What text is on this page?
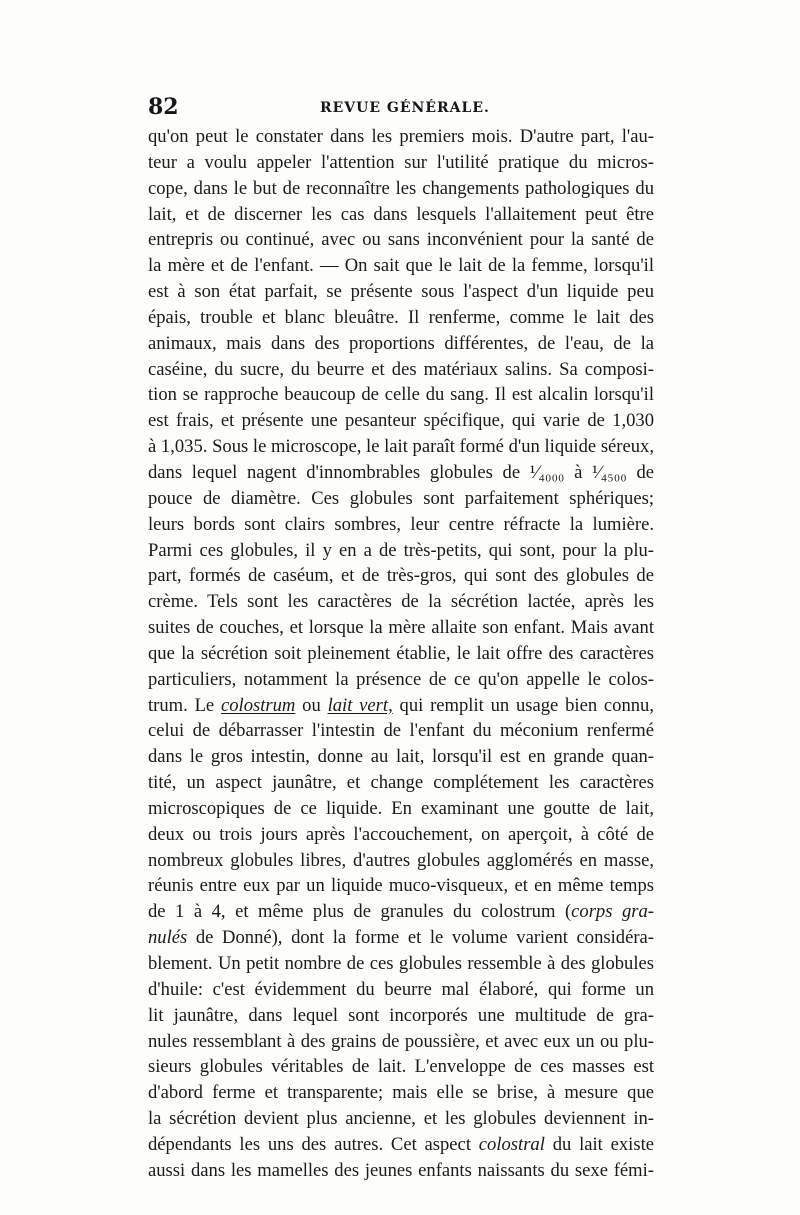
82	REVUE GÉNÉRALE.
qu'on peut le constater dans les premiers mois. D'autre part, l'au-
teur a voulu appeler l'attention sur l'utilité pratique du micros-
cope, dans le but de reconnaître les changements pathologiques du
lait, et de discerner les cas dans lesquels l'allaitement peut être
entrepris ou continué, avec ou sans inconvénient pour la santé de
la mère et de l'enfant. — On sait que le lait de la femme, lorsqu'il
est à son état parfait, se présente sous l'aspect d'un liquide peu
épais, trouble et blanc bleuâtre. Il renferme, comme le lait des
animaux, mais dans des proportions différentes, de l'eau, de la
caséine, du sucre, du beurre et des matériaux salins. Sa composi-
tion se rapproche beaucoup de celle du sang. Il est alcalin lorsqu'il
est frais, et présente une pesanteur spécifique, qui varie de 1,030
à 1,035. Sous le microscope, le lait paraît formé d'un liquide séreux,
dans lequel nagent d'innombrables globules de ¹⁄₄₀₀₀ à ¹⁄₄₅₀₀ de
pouce de diamètre. Ces globules sont parfaitement sphériques;
leurs bords sont clairs sombres, leur centre réfracte la lumière.
Parmi ces globules, il y en a de très-petits, qui sont, pour la plu-
part, formés de caséum, et de très-gros, qui sont des globules de
crème. Tels sont les caractères de la sécrétion lactée, après les
suites de couches, et lorsque la mère allaite son enfant. Mais avant
que la sécrétion soit pleinement établie, le lait offre des caractères
particuliers, notamment la présence de ce qu'on appelle le colos-
trum. Le colostrum ou lait vert, qui remplit un usage bien connu,
celui de débarrasser l'intestin de l'enfant du méconium renfermé
dans le gros intestin, donne au lait, lorsqu'il est en grande quan-
tité, un aspect jaunâtre, et change complétement les caractères
microscopiques de ce liquide. En examinant une goutte de lait,
deux ou trois jours après l'accouchement, on aperçoit, à côté de
nombreux globules libres, d'autres globules agglomérés en masse,
réunis entre eux par un liquide muco-visqueux, et en même temps
de 1 à 4, et même plus de granules du colostrum (corps gra-
nulés de Donné), dont la forme et le volume varient considéra-
blement. Un petit nombre de ces globules ressemble à des globules
d'huile: c'est évidemment du beurre mal élaboré, qui forme un
lit jaunâtre, dans lequel sont incorporés une multitude de gra-
nules ressemblant à des grains de poussière, et avec eux un ou plu-
sieurs globules véritables de lait. L'enveloppe de ces masses est
d'abord ferme et transparente; mais elle se brise, à mesure que
la sécrétion devient plus ancienne, et les globules deviennent in-
dépendants les uns des autres. Cet aspect colostral du lait existe
aussi dans les mamelles des jeunes enfants naissants du sexe fémi-
